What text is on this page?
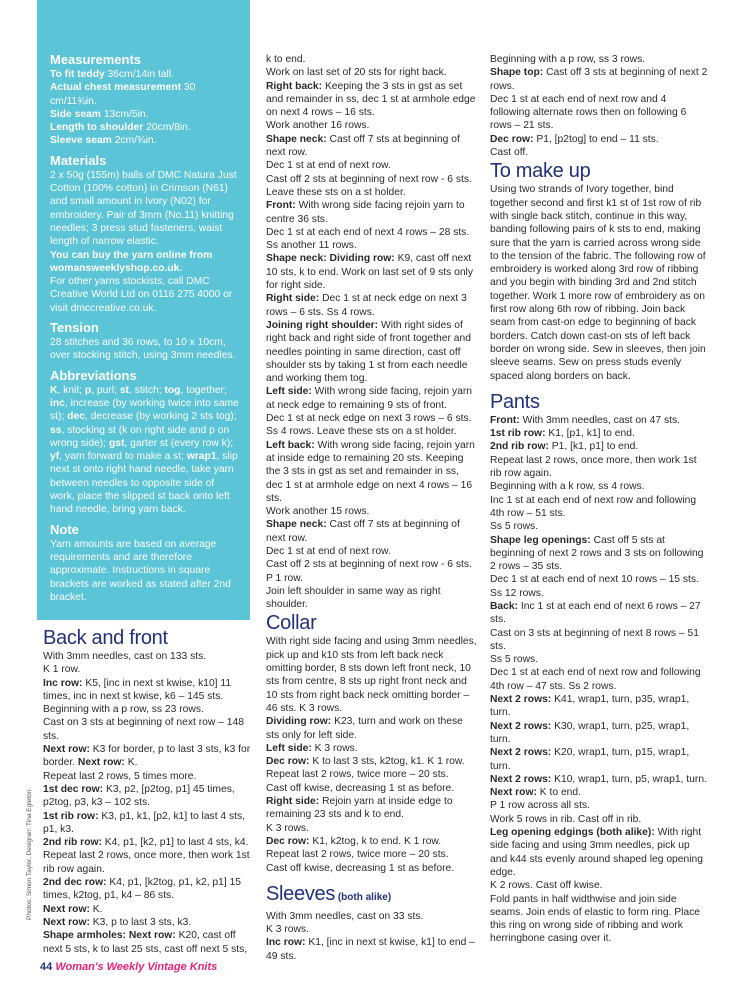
Measurements

To fit teddy 36cm/14in tall.

Actual chest measurement 30 cm/11¾in.

Side seam 13cm/5in.

Length to shoulder 20cm/8in.

Sleeve seam 2cm/¾in.

Materials

2 x 50g (155m) balls of DMC Natura Just Cotton (100% cotton) in Crimson (N61) and small amount in Ivory (N02) for embroidery. Pair of 3mm (No.11) knitting needles; 3 press stud fasteners, waist length of narrow elastic.

You can buy the yarn online from womansweeklyshop.co.uk.

For other yarns stockists, call DMC Creative World Ltd on 0116 275 4000 or visit dmccreative.co.uk.

Tension

28 stitches and 36 rows, to 10 x 10cm, over stocking stitch, using 3mm needles.

Abbreviations

K, knit; p, purl; st, stitch; tog, together; inc, increase (by working twice into same st); dec, decrease (by working 2 sts tog); ss, stocking st (k on right side and p on wrong side); gst, garter st (every row k); yf, yarn forward to make a st; wrap1, slip next st onto right hand needle, take yarn between needles to opposite side of work, place the slipped st back onto left hand needle, bring yarn back.

Note

Yarn amounts are based on average requirements and are therefore approximate. Instructions in square brackets are worked as stated after 2nd bracket.

Back and front

With 3mm needles, cast on 133 sts.

K 1 row.

Inc row: K5, [inc in next st kwise, k10] 11 times, inc in next st kwise, k6 – 145 sts.

Beginning with a p row, ss 23 rows.

Cast on 3 sts at beginning of next row – 148 sts.

Next row: K3 for border, p to last 3 sts, k3 for border. Next row: K.

Repeat last 2 rows, 5 times more.

1st dec row: K3, p2, [p2tog, p1] 45 times, p2tog, p3, k3 – 102 sts.

1st rib row: K3, p1, k1, [p2, k1] to last 4 sts, p1, k3.

2nd rib row: K4, p1, [k2, p1] to last 4 sts, k4.

Repeat last 2 rows, once more, then work 1st rib row again.

2nd dec row: K4, p1, [k2tog, p1, k2, p1] 15 times, k2tog, p1, k4 – 86 sts.

Next row: K.

Next row: K3, p to last 3 sts, k3.

Shape armholes: Next row: K20, cast off next 5 sts, k to last 25 sts, cast off next 5 sts,

k to end.

Work on last set of 20 sts for right back.

Right back: Keeping the 3 sts in gst as set and remainder in ss, dec 1 st at armhole edge on next 4 rows – 16 sts.

Work another 16 rows.

Shape neck: Cast off 7 sts at beginning of next row.

Dec 1 st at end of next row.

Cast off 2 sts at beginning of next row - 6 sts. Leave these sts on a st holder.

Front: With wrong side facing rejoin yarn to centre 36 sts.

Dec 1 st at each end of next 4 rows – 28 sts. Ss another 11 rows.

Shape neck: Dividing row: K9, cast off next 10 sts, k to end. Work on last set of 9 sts only for right side.

Right side: Dec 1 st at neck edge on next 3 rows – 6 sts. Ss 4 rows.

Joining right shoulder: With right sides of right back and right side of front together and needles pointing in same direction, cast off shoulder sts by taking 1 st from each needle and working them tog.

Left side: With wrong side facing, rejoin yarn at neck edge to remaining 9 sts of front.

Dec 1 st at neck edge on next 3 rows – 6 sts. Ss 4 rows. Leave these sts on a st holder.

Left back: With wrong side facing, rejoin yarn at inside edge to remaining 20 sts. Keeping the 3 sts in gst as set and remainder in ss, dec 1 st at armhole edge on next 4 rows – 16 sts.

Work another 15 rows.

Shape neck: Cast off 7 sts at beginning of next row.

Dec 1 st at end of next row.

Cast off 2 sts at beginning of next row - 6 sts. P 1 row.

Join left shoulder in same way as right shoulder.

Collar

With right side facing and using 3mm needles, pick up and k10 sts from left back neck omitting border, 8 sts down left front neck, 10 sts from centre, 8 sts up right front neck and 10 sts from right back neck omitting border – 46 sts. K 3 rows.

Dividing row: K23, turn and work on these sts only for left side.

Left side: K 3 rows.

Dec row: K to last 3 sts, k2tog, k1. K 1 row.

Repeat last 2 rows, twice more – 20 sts.

Cast off kwise, decreasing 1 st as before.

Right side: Rejoin yarn at inside edge to remaining 23 sts and k to end.

K 3 rows.

Dec row: K1, k2tog, k to end. K 1 row.

Repeat last 2 rows, twice more – 20 sts.

Cast off kwise, decreasing 1 st as before.

Sleeves (both alike)

With 3mm needles, cast on 33 sts.

K 3 rows.

Inc row: K1, [inc in next st kwise, k1] to end – 49 sts.

Beginning with a p row, ss 3 rows.

Shape top: Cast off 3 sts at beginning of next 2 rows.

Dec 1 st at each end of next row and 4 following alternate rows then on following 6 rows – 21 sts.

Dec row: P1, [p2tog] to end – 11 sts.

Cast off.

To make up

Using two strands of Ivory together, bind together second and first k1 st of 1st row of rib with single back stitch, continue in this way, banding following pairs of k sts to end, making sure that the yarn is carried across wrong side to the tension of the fabric. The following row of embroidery is worked along 3rd row of ribbing and you begin with binding 3rd and 2nd stitch together. Work 1 more row of embroidery as on first row along 6th row of ribbing. Join back seam from cast-on edge to beginning of back borders. Catch down cast-on sts of left back border on wrong side. Sew in sleeves, then join sleeve seams. Sew on press studs evenly spaced along borders on back.

Pants

Front: With 3mm needles, cast on 47 sts.

1st rib row: K1, [p1, k1] to end.

2nd rib row: P1, [k1, p1] to end.

Repeat last 2 rows, once more, then work 1st rib row again.

Beginning with a k row, ss 4 rows.

Inc 1 st at each end of next row and following 4th row – 51 sts.

Ss 5 rows.

Shape leg openings: Cast off 5 sts at beginning of next 2 rows and 3 sts on following 2 rows – 35 sts.

Dec 1 st at each end of next 10 rows – 15 sts. Ss 12 rows.

Back: Inc 1 st at each end of next 6 rows – 27 sts.

Cast on 3 sts at beginning of next 8 rows – 51 sts.

Ss 5 rows.

Dec 1 st at each end of next row and following 4th row – 47 sts. Ss 2 rows.

Next 2 rows: K41, wrap1, turn, p35, wrap1, turn.

Next 2 rows: K30, wrap1, turn, p25, wrap1, turn.

Next 2 rows: K20, wrap1, turn, p15, wrap1, turn.

Next 2 rows: K10, wrap1, turn, p5, wrap1, turn.

Next row: K to end.

P 1 row across all sts.

Work 5 rows in rib. Cast off in rib.

Leg opening edgings (both alike): With right side facing and using 3mm needles, pick up and k44 sts evenly around shaped leg opening edge.

K 2 rows. Cast off kwise.

Fold pants in half widthwise and join side seams. Join ends of elastic to form ring. Place this ring on wrong side of ribbing and work herringbone casing over it.

Photos: Simon Taylor. Designer: Tina Egleton.
44 Woman's Weekly Vintage Knits
